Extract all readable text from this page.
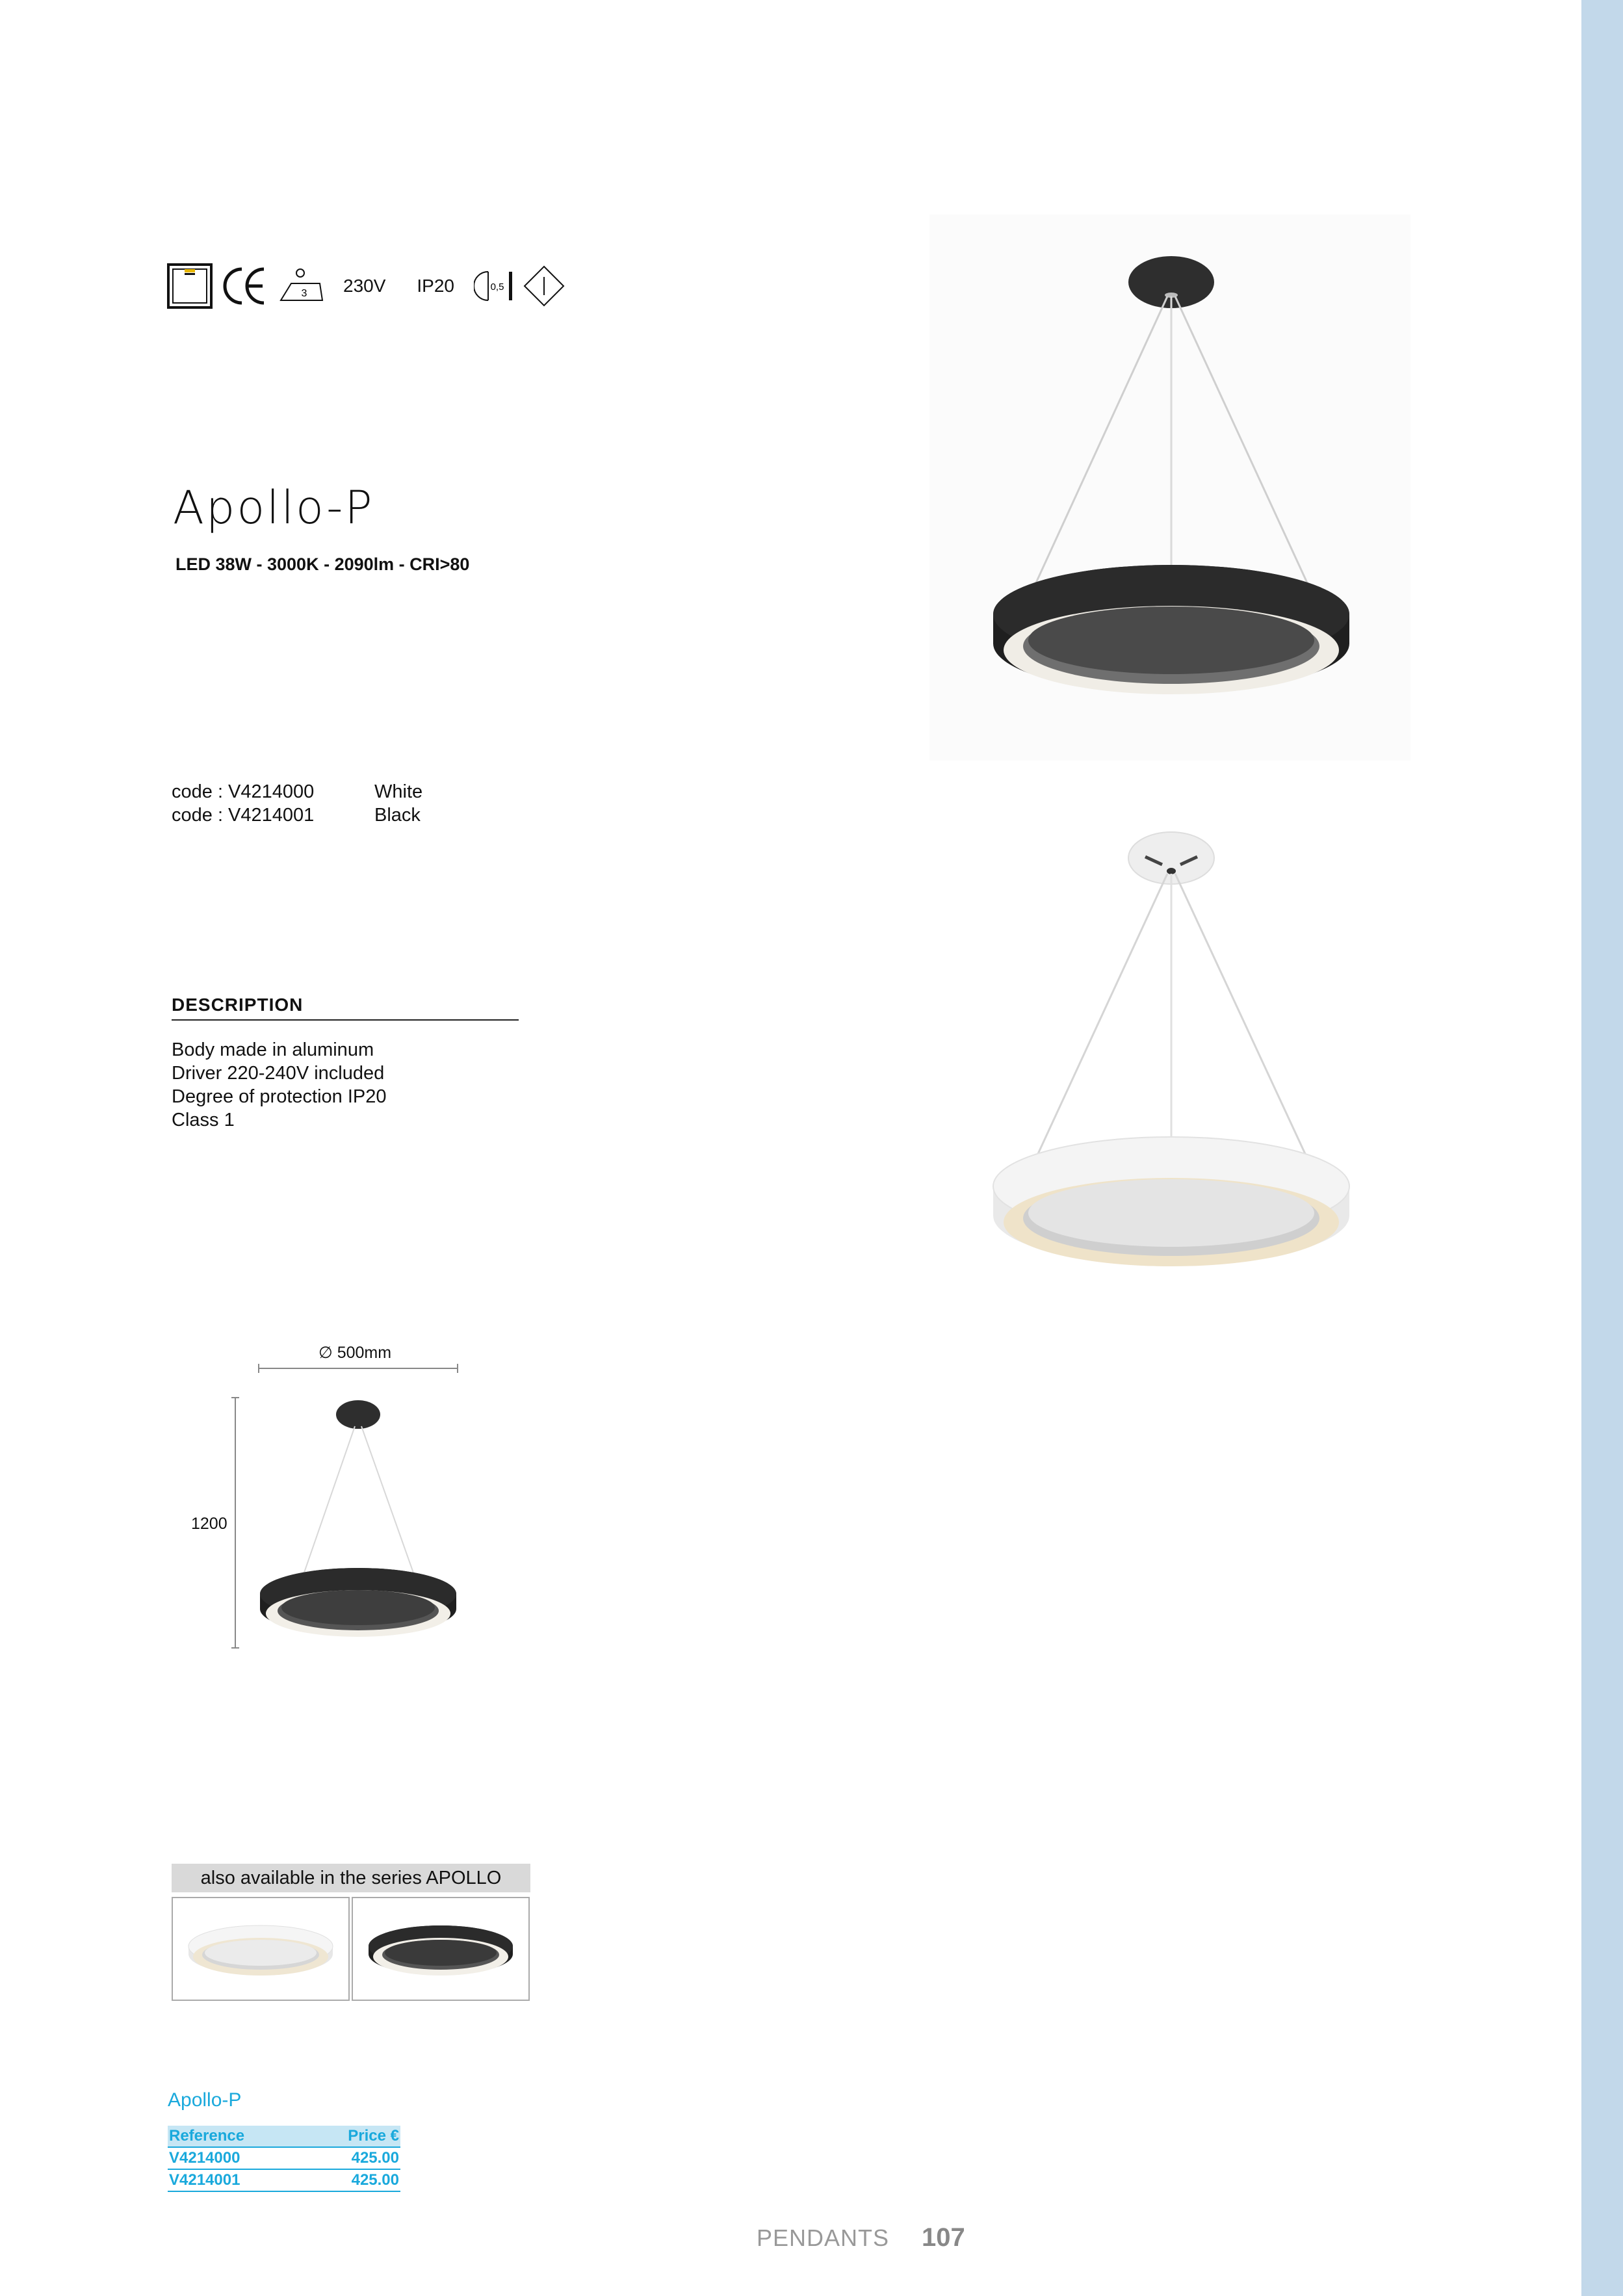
3 230V IP20	0,5
Apollo-P
LED 38W - 3000K - 2090lm - CRI>80
code : V4214000	White
code : V4214001	Black
DESCRIPTION
Body made in aluminum
Driver 220-240V included
Degree of protection IP20
Class 1
∅ 500mm
1200
also available in the series APOLLO
Apollo-P
Reference	Price €
V4214000	425.00
V4214001	425.00
PENDANTS 107
